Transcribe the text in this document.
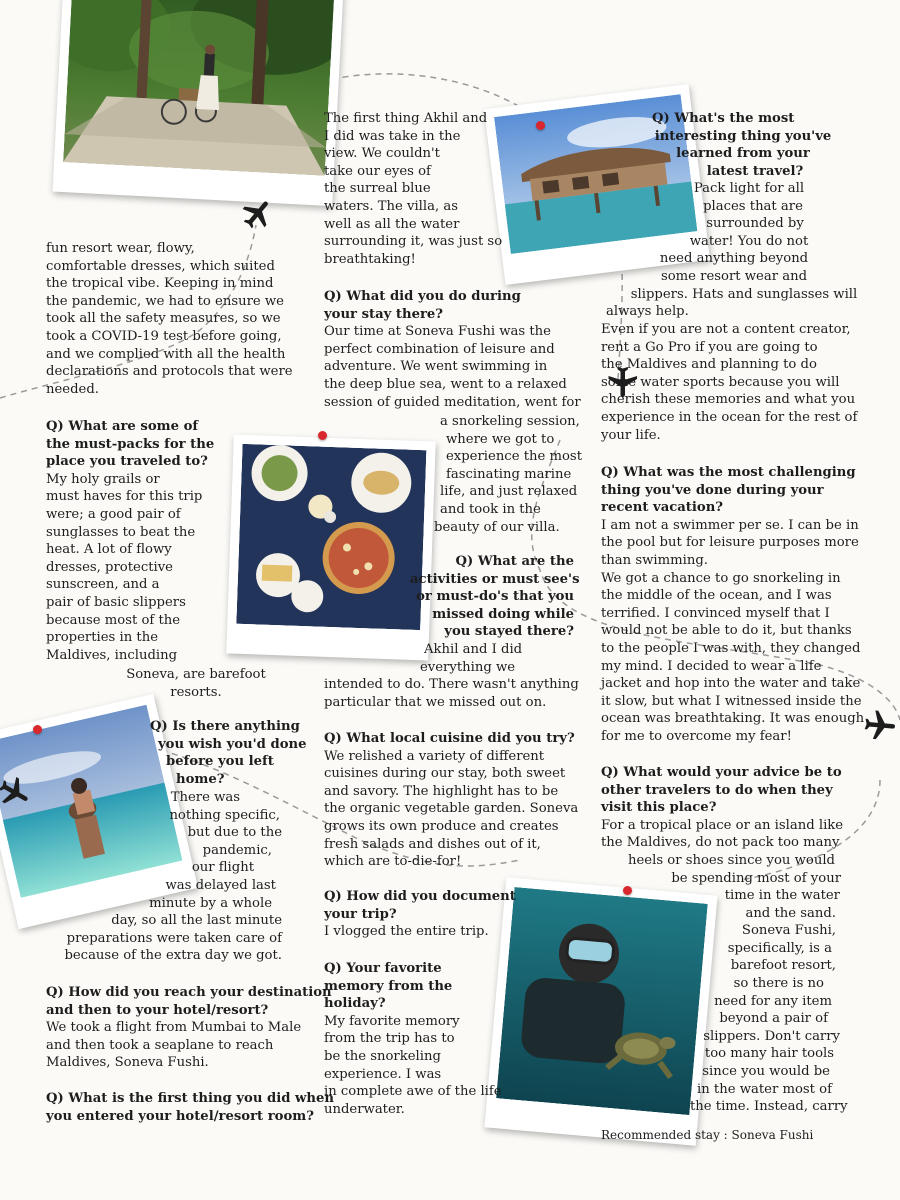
fun resort wear, flowy,

comfortable dresses, which suited

the tropical vibe. Keeping in mind

the pandemic, we had to ensure we

took all the safety measures, so we

took a COVID-19 test before going,

and we complied with all the health

declarations and protocols that were

needed.

Q) What are some of

the must-packs for the

place you traveled to?

My holy grails or

must haves for this trip

were; a good pair of

sunglasses to beat the

heat. A lot of flowy

dresses, protective

sunscreen, and a

pair of basic slippers

because most of the

properties in the

Maldives, including

Soneva, are barefoot

resorts.

Q) Is there anything

you wish you'd done

before you left

home?

There was

nothing specific,

but due to the

pandemic,

our flight

was delayed last

minute by a whole

day, so all the last minute

preparations were taken care of

because of the extra day we got.

Q) How did you reach your destination

and then to your hotel/resort?

We took a flight from Mumbai to Male

and then took a seaplane to reach

Maldives, Soneva Fushi.

Q) What is the first thing you did when

you entered your hotel/resort room?

The first thing Akhil and

I did was take in the

view. We couldn't

take our eyes of

the surreal blue

waters. The villa, as

well as all the water

surrounding it, was just so

breathtaking!

Q) What did you do during

your stay there?

Our time at Soneva Fushi was the

perfect combination of leisure and

adventure. We went swimming in

the deep blue sea, went to a relaxed

session of guided meditation, went for

a snorkeling session,

where we got to

experience the most

fascinating marine

life, and just relaxed

and took in the

beauty of our villa.

Q) What are the

activities or must see's

or must-do's that you

missed doing while

you stayed there?

Akhil and I did

everything we

intended to do. There wasn't anything

particular that we missed out on.

Q) What local cuisine did you try?

We relished a variety of different

cuisines during our stay, both sweet

and savory. The highlight has to be

the organic vegetable garden. Soneva

grows its own produce and creates

fresh salads and dishes out of it,

which are to-die-for!

Q) How did you document

your trip?

I vlogged the entire trip.

Q) Your favorite

memory from the

holiday?

My favorite memory

from the trip has to

be the snorkeling

experience. I was

in complete awe of the life

underwater.

Q) What's the most

interesting thing you've

learned from your

latest travel?

Pack light for all

places that are

surrounded by

water! You do not

need anything beyond

some resort wear and

slippers. Hats and sunglasses will

always help.

Even if you are not a content creator,

rent a Go Pro if you are going to

the Maldives and planning to do

some water sports because you will

cherish these memories and what you

experience in the ocean for the rest of

your life.

Q) What was the most challenging

thing you've done during your

recent vacation?

I am not a swimmer per se. I can be in

the pool but for leisure purposes more

than swimming.

We got a chance to go snorkeling in

the middle of the ocean, and I was

terrified. I convinced myself that I

would not be able to do it, but thanks

to the people I was with, they changed

my mind. I decided to wear a life

jacket and hop into the water and take

it slow, but what I witnessed inside the

ocean was breathtaking. It was enough

for me to overcome my fear!

Q) What would your advice be to

other travelers to do when they

visit this place?

For a tropical place or an island like

the Maldives, do not pack too many

heels or shoes since you would

be spending most of your

time in the water

and the sand.

Soneva Fushi,

specifically, is a

barefoot resort,

so there is no

need for any item

beyond a pair of

slippers. Don't carry

too many hair tools

since you would be

in the water most of

the time. Instead, carry

Recommended stay : Soneva Fushi
